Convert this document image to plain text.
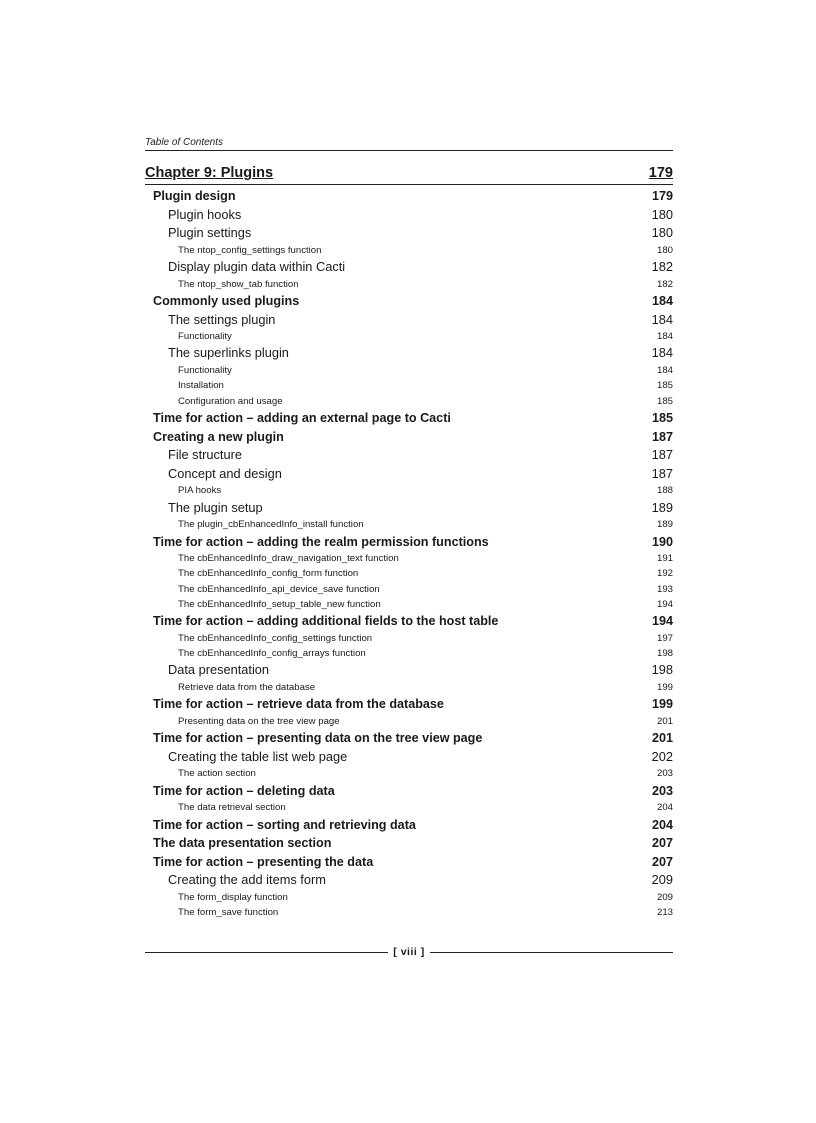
Table of Contents
Chapter 9: Plugins	179
Plugin design	179
Plugin hooks	180
Plugin settings	180
The ntop_config_settings function	180
Display plugin data within Cacti	182
The ntop_show_tab function	182
Commonly used plugins	184
The settings plugin	184
Functionality	184
The superlinks plugin	184
Functionality	184
Installation	185
Configuration and usage	185
Time for action – adding an external page to Cacti	185
Creating a new plugin	187
File structure	187
Concept and design	187
PIA hooks	188
The plugin setup	189
The plugin_cbEnhancedInfo_install function	189
Time for action – adding the realm permission functions	190
The cbEnhancedInfo_draw_navigation_text function	191
The cbEnhancedInfo_config_form function	192
The cbEnhancedInfo_api_device_save function	193
The cbEnhancedInfo_setup_table_new function	194
Time for action – adding additional fields to the host table	194
The cbEnhancedInfo_config_settings function	197
The cbEnhancedInfo_config_arrays function	198
Data presentation	198
Retrieve data from the database	199
Time for action – retrieve data from the database	199
Presenting data on the tree view page	201
Time for action – presenting data on the tree view page	201
Creating the table list web page	202
The action section	203
Time for action – deleting data	203
The data retrieval section	204
Time for action – sorting and retrieving data	204
The data presentation section	207
Time for action – presenting the data	207
Creating the add items form	209
The form_display function	209
The form_save function	213
[ viii ]
